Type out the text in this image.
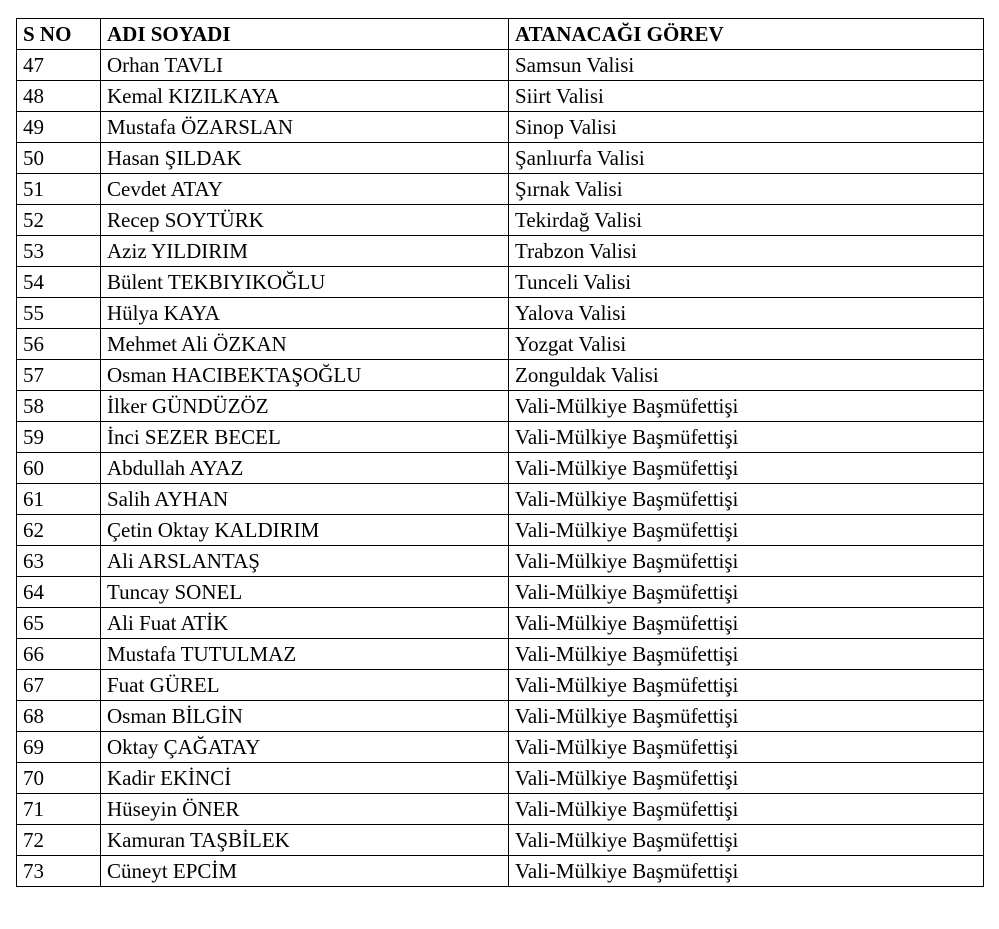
S NO	ADI SOYADI	ATANACAĞI GÖREV
47	Orhan TAVLI	Samsun Valisi
48	Kemal KIZILKAYA	Siirt Valisi
49	Mustafa ÖZARSLAN	Sinop Valisi
50	Hasan ŞILDAK	Şanlıurfa Valisi
51	Cevdet ATAY	Şırnak Valisi
52	Recep SOYTÜRK	Tekirdağ Valisi
53	Aziz YILDIRIM	Trabzon Valisi
54	Bülent TEKBIYIKOĞLU	Tunceli Valisi
55	Hülya KAYA	Yalova Valisi
56	Mehmet Ali ÖZKAN	Yozgat Valisi
57	Osman HACIBEKTAŞOĞLU	Zonguldak Valisi
58	İlker GÜNDÜZÖZ	Vali-Mülkiye Başmüfettişi
59	İnci SEZER BECEL	Vali-Mülkiye Başmüfettişi
60	Abdullah AYAZ	Vali-Mülkiye Başmüfettişi
61	Salih AYHAN	Vali-Mülkiye Başmüfettişi
62	Çetin Oktay KALDIRIM	Vali-Mülkiye Başmüfettişi
63	Ali ARSLANTAŞ	Vali-Mülkiye Başmüfettişi
64	Tuncay SONEL	Vali-Mülkiye Başmüfettişi
65	Ali Fuat ATİK	Vali-Mülkiye Başmüfettişi
66	Mustafa TUTULMAZ	Vali-Mülkiye Başmüfettişi
67	Fuat GÜREL	Vali-Mülkiye Başmüfettişi
68	Osman BİLGİN	Vali-Mülkiye Başmüfettişi
69	Oktay ÇAĞATAY	Vali-Mülkiye Başmüfettişi
70	Kadir EKİNCİ	Vali-Mülkiye Başmüfettişi
71	Hüseyin ÖNER	Vali-Mülkiye Başmüfettişi
72	Kamuran TAŞBİLEK	Vali-Mülkiye Başmüfettişi
73	Cüneyt EPCİM	Vali-Mülkiye Başmüfettişi
